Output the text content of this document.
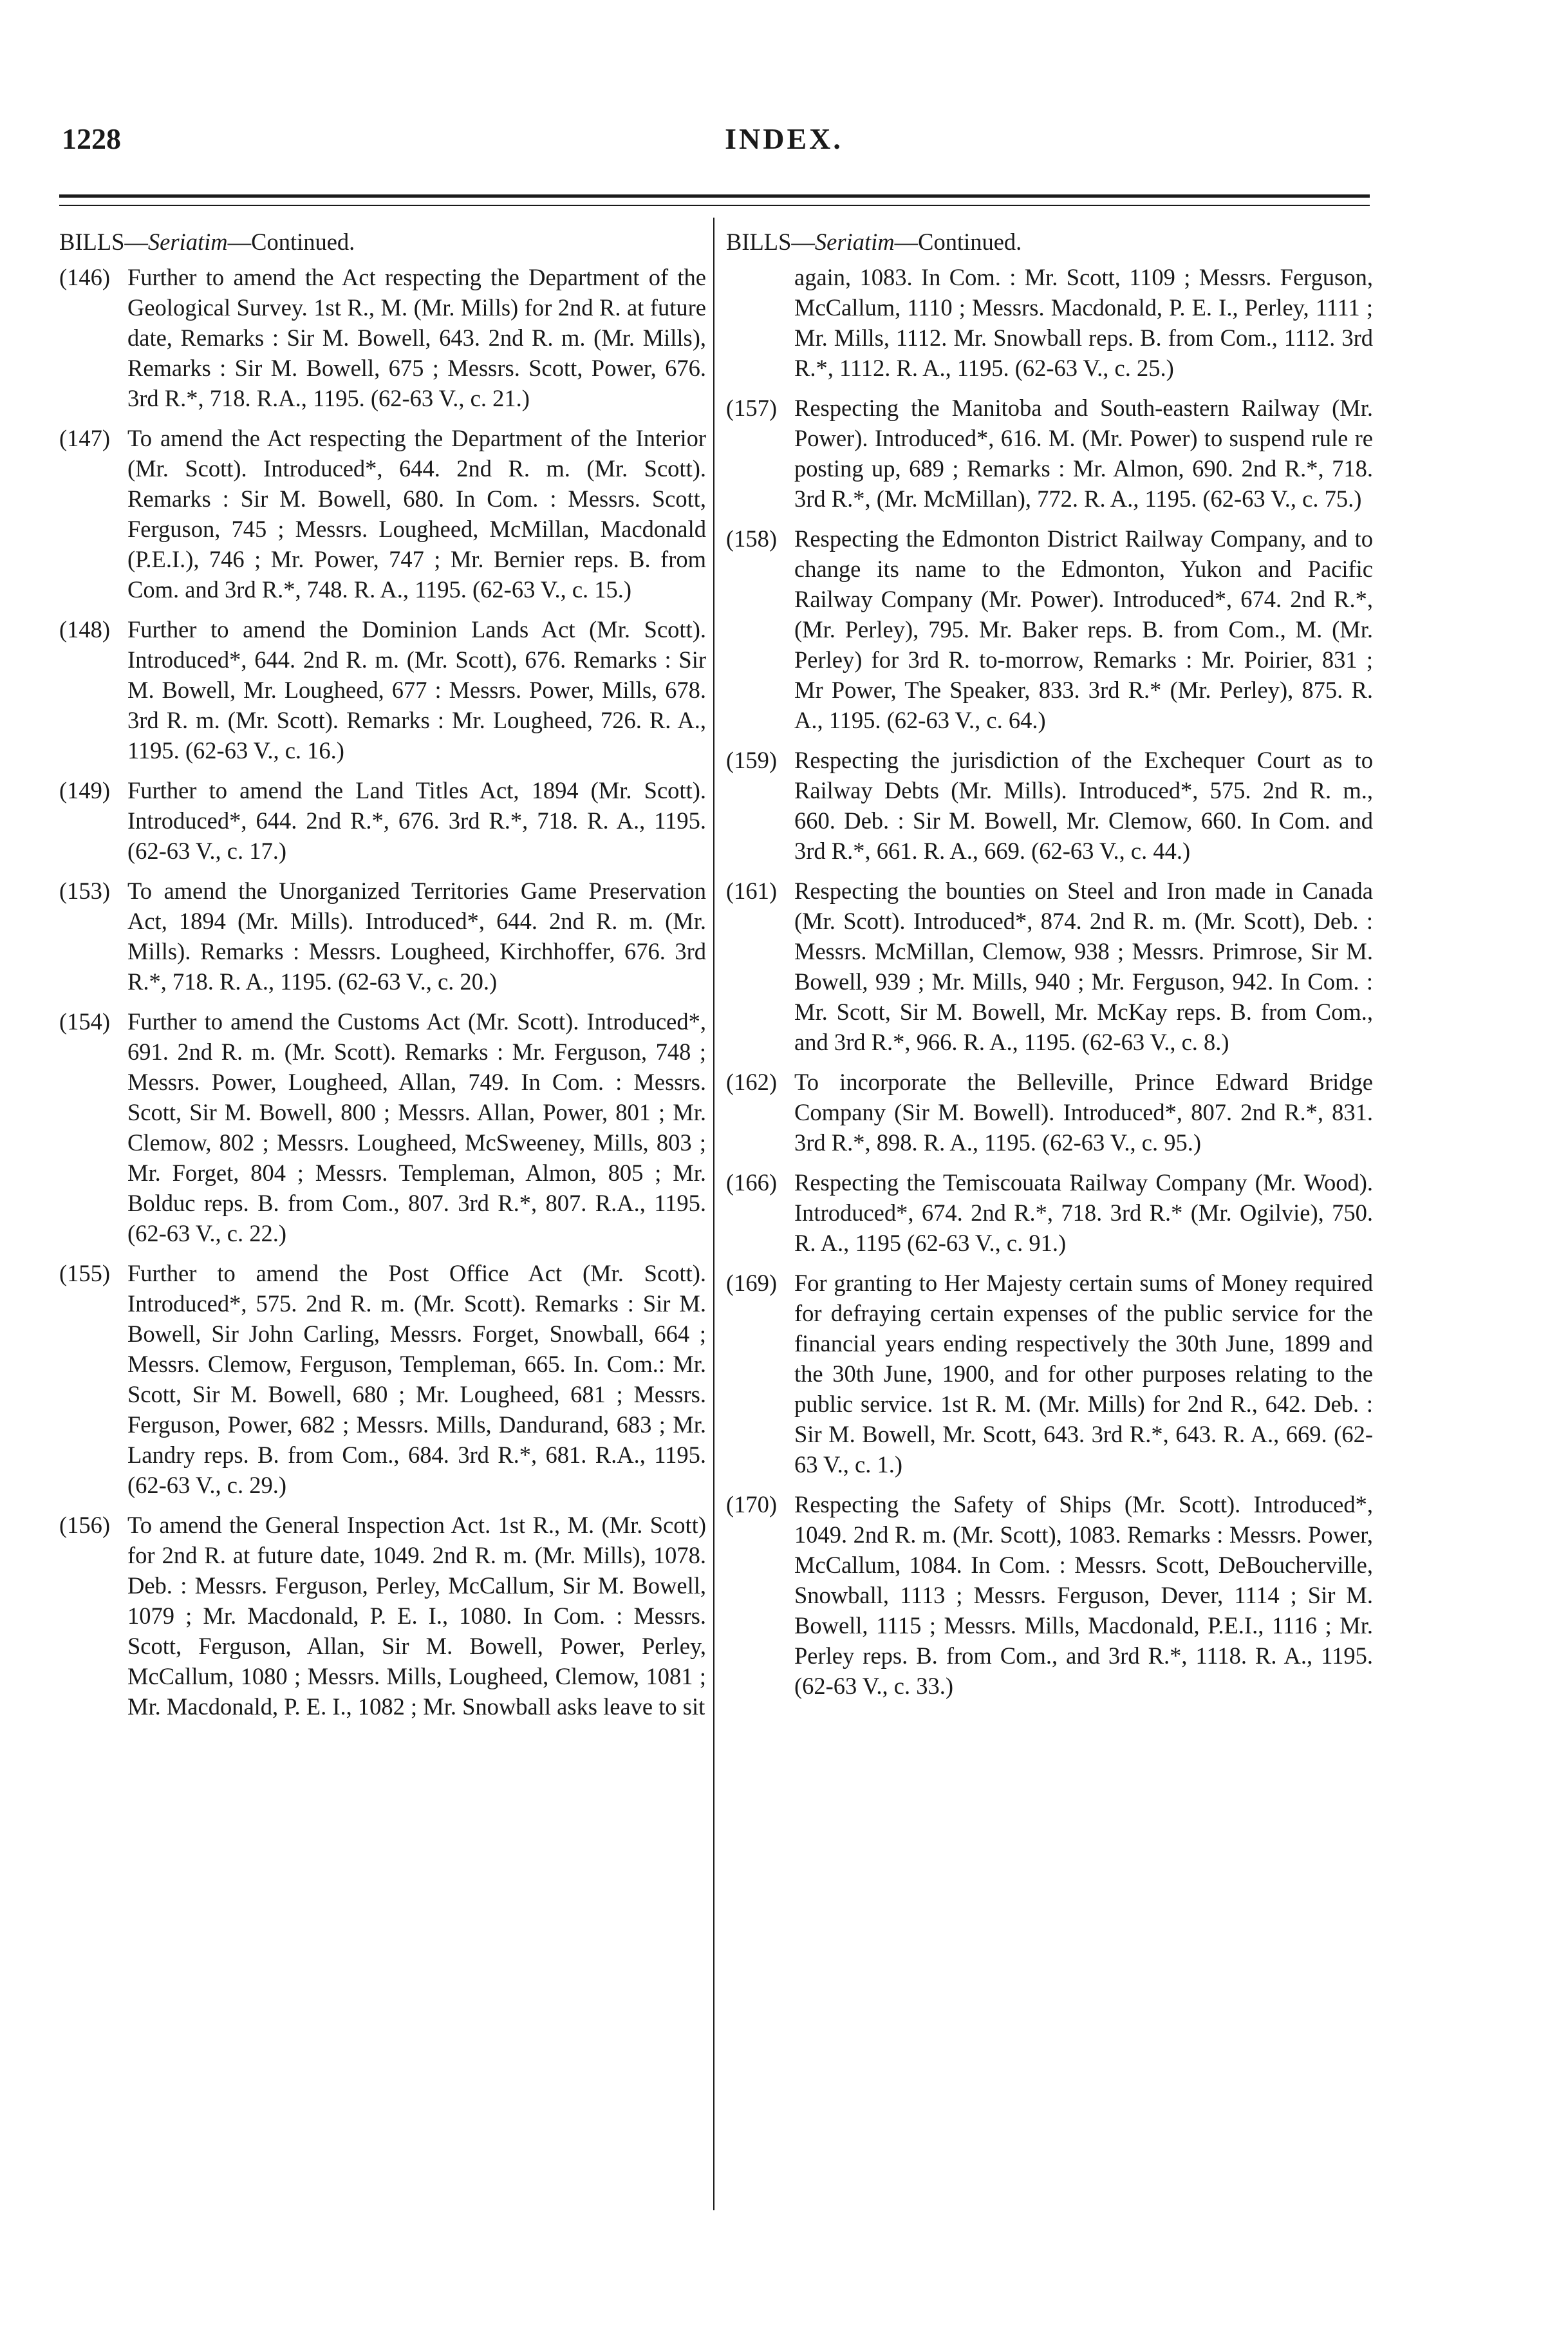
1228	INDEX.
BILLS—Seriatim—Continued.
(146) Further to amend the Act respecting the Department of the Geological Survey. 1st R., M. (Mr. Mills) for 2nd R. at future date, Remarks : Sir M. Bowell, 643. 2nd R. m. (Mr. Mills), Remarks : Sir M. Bowell, 675 ; Messrs. Scott, Power, 676. 3rd R.*, 718. R.A., 1195. (62-63 V., c. 21.)
(147) To amend the Act respecting the Department of the Interior (Mr. Scott). Introduced*, 644. 2nd R. m. (Mr. Scott). Remarks : Sir M. Bowell, 680. In Com. : Messrs. Scott, Ferguson, 745 ; Messrs. Lougheed, McMillan, Macdonald (P.E.I.), 746 ; Mr. Power, 747 ; Mr. Bernier reps. B. from Com. and 3rd R.*, 748. R. A., 1195. (62-63 V., c. 15.)
(148) Further to amend the Dominion Lands Act (Mr. Scott). Introduced*, 644. 2nd R. m. (Mr. Scott), 676. Remarks : Sir M. Bowell, Mr. Lougheed, 677 : Messrs. Power, Mills, 678. 3rd R. m. (Mr. Scott). Remarks : Mr. Lougheed, 726. R. A., 1195. (62-63 V., c. 16.)
(149) Further to amend the Land Titles Act, 1894 (Mr. Scott). Introduced*, 644. 2nd R.*, 676. 3rd R.*, 718. R. A., 1195. (62-63 V., c. 17.)
(153) To amend the Unorganized Territories Game Preservation Act, 1894 (Mr. Mills). Introduced*, 644. 2nd R. m. (Mr. Mills). Remarks : Messrs. Lougheed, Kirchhoffer, 676. 3rd R.*, 718. R. A., 1195. (62-63 V., c. 20.)
(154) Further to amend the Customs Act (Mr. Scott). Introduced*, 691. 2nd R. m. (Mr. Scott). Remarks : Mr. Ferguson, 748 ; Messrs. Power, Lougheed, Allan, 749. In Com. : Messrs. Scott, Sir M. Bowell, 800 ; Messrs. Allan, Power, 801 ; Mr. Clemow, 802 ; Messrs. Lougheed, McSweeney, Mills, 803 ; Mr. Forget, 804 ; Messrs. Templeman, Almon, 805 ; Mr. Bolduc reps. B. from Com., 807. 3rd R.*, 807. R.A., 1195. (62-63 V., c. 22.)
(155) Further to amend the Post Office Act (Mr. Scott). Introduced*, 575. 2nd R. m. (Mr. Scott). Remarks : Sir M. Bowell, Sir John Carling, Messrs. Forget, Snowball, 664 ; Messrs. Clemow, Ferguson, Templeman, 665. In. Com.: Mr. Scott, Sir M. Bowell, 680 ; Mr. Lougheed, 681 ; Messrs. Ferguson, Power, 682 ; Messrs. Mills, Dandurand, 683 ; Mr. Landry reps. B. from Com., 684. 3rd R.*, 681. R.A., 1195. (62-63 V., c. 29.)
(156) To amend the General Inspection Act. 1st R., M. (Mr. Scott) for 2nd R. at future date, 1049. 2nd R. m. (Mr. Mills), 1078. Deb. : Messrs. Ferguson, Perley, McCallum, Sir M. Bowell, 1079 ; Mr. Macdonald, P. E. I., 1080. In Com. : Messrs. Scott, Ferguson, Allan, Sir M. Bowell, Power, Perley, McCallum, 1080 ; Messrs. Mills, Lougheed, Clemow, 1081 ; Mr. Macdonald, P. E. I., 1082 ; Mr. Snowball asks leave to sit
BILLS—Seriatim—Continued.
again, 1083. In Com. : Mr. Scott, 1109 ; Messrs. Ferguson, McCallum, 1110 ; Messrs. Macdonald, P. E. I., Perley, 1111 ; Mr. Mills, 1112. Mr. Snowball reps. B. from Com., 1112. 3rd R.*, 1112. R. A., 1195. (62-63 V., c. 25.)
(157) Respecting the Manitoba and South-eastern Railway (Mr. Power). Introduced*, 616. M. (Mr. Power) to suspend rule re posting up, 689 ; Remarks : Mr. Almon, 690. 2nd R.*, 718. 3rd R.*, (Mr. McMillan), 772. R. A., 1195. (62-63 V., c. 75.)
(158) Respecting the Edmonton District Railway Company, and to change its name to the Edmonton, Yukon and Pacific Railway Company (Mr. Power). Introduced*, 674. 2nd R.*, (Mr. Perley), 795. Mr. Baker reps. B. from Com., M. (Mr. Perley) for 3rd R. to-morrow, Remarks : Mr. Poirier, 831 ; Mr Power, The Speaker, 833. 3rd R.* (Mr. Perley), 875. R. A., 1195. (62-63 V., c. 64.)
(159) Respecting the jurisdiction of the Exchequer Court as to Railway Debts (Mr. Mills). Introduced*, 575. 2nd R. m., 660. Deb. : Sir M. Bowell, Mr. Clemow, 660. In Com. and 3rd R.*, 661. R. A., 669. (62-63 V., c. 44.)
(161) Respecting the bounties on Steel and Iron made in Canada (Mr. Scott). Introduced*, 874. 2nd R. m. (Mr. Scott), Deb. : Messrs. McMillan, Clemow, 938 ; Messrs. Primrose, Sir M. Bowell, 939 ; Mr. Mills, 940 ; Mr. Ferguson, 942. In Com. : Mr. Scott, Sir M. Bowell, Mr. McKay reps. B. from Com., and 3rd R.*, 966. R. A., 1195. (62-63 V., c. 8.)
(162) To incorporate the Belleville, Prince Edward Bridge Company (Sir M. Bowell). Introduced*, 807. 2nd R.*, 831. 3rd R.*, 898. R. A., 1195. (62-63 V., c. 95.)
(166) Respecting the Temiscouata Railway Company (Mr. Wood). Introduced*, 674. 2nd R.*, 718. 3rd R.* (Mr. Ogilvie), 750. R. A., 1195 (62-63 V., c. 91.)
(169) For granting to Her Majesty certain sums of Money required for defraying certain expenses of the public service for the financial years ending respectively the 30th June, 1899 and the 30th June, 1900, and for other purposes relating to the public service. 1st R. M. (Mr. Mills) for 2nd R., 642. Deb. : Sir M. Bowell, Mr. Scott, 643. 3rd R.*, 643. R. A., 669. (62-63 V., c. 1.)
(170) Respecting the Safety of Ships (Mr. Scott). Introduced*, 1049. 2nd R. m. (Mr. Scott), 1083. Remarks : Messrs. Power, McCallum, 1084. In Com. : Messrs. Scott, DeBoucherville, Snowball, 1113 ; Messrs. Ferguson, Dever, 1114 ; Sir M. Bowell, 1115 ; Messrs. Mills, Macdonald, P.E.I., 1116 ; Mr. Perley reps. B. from Com., and 3rd R.*, 1118. R. A., 1195. (62-63 V., c. 33.)
